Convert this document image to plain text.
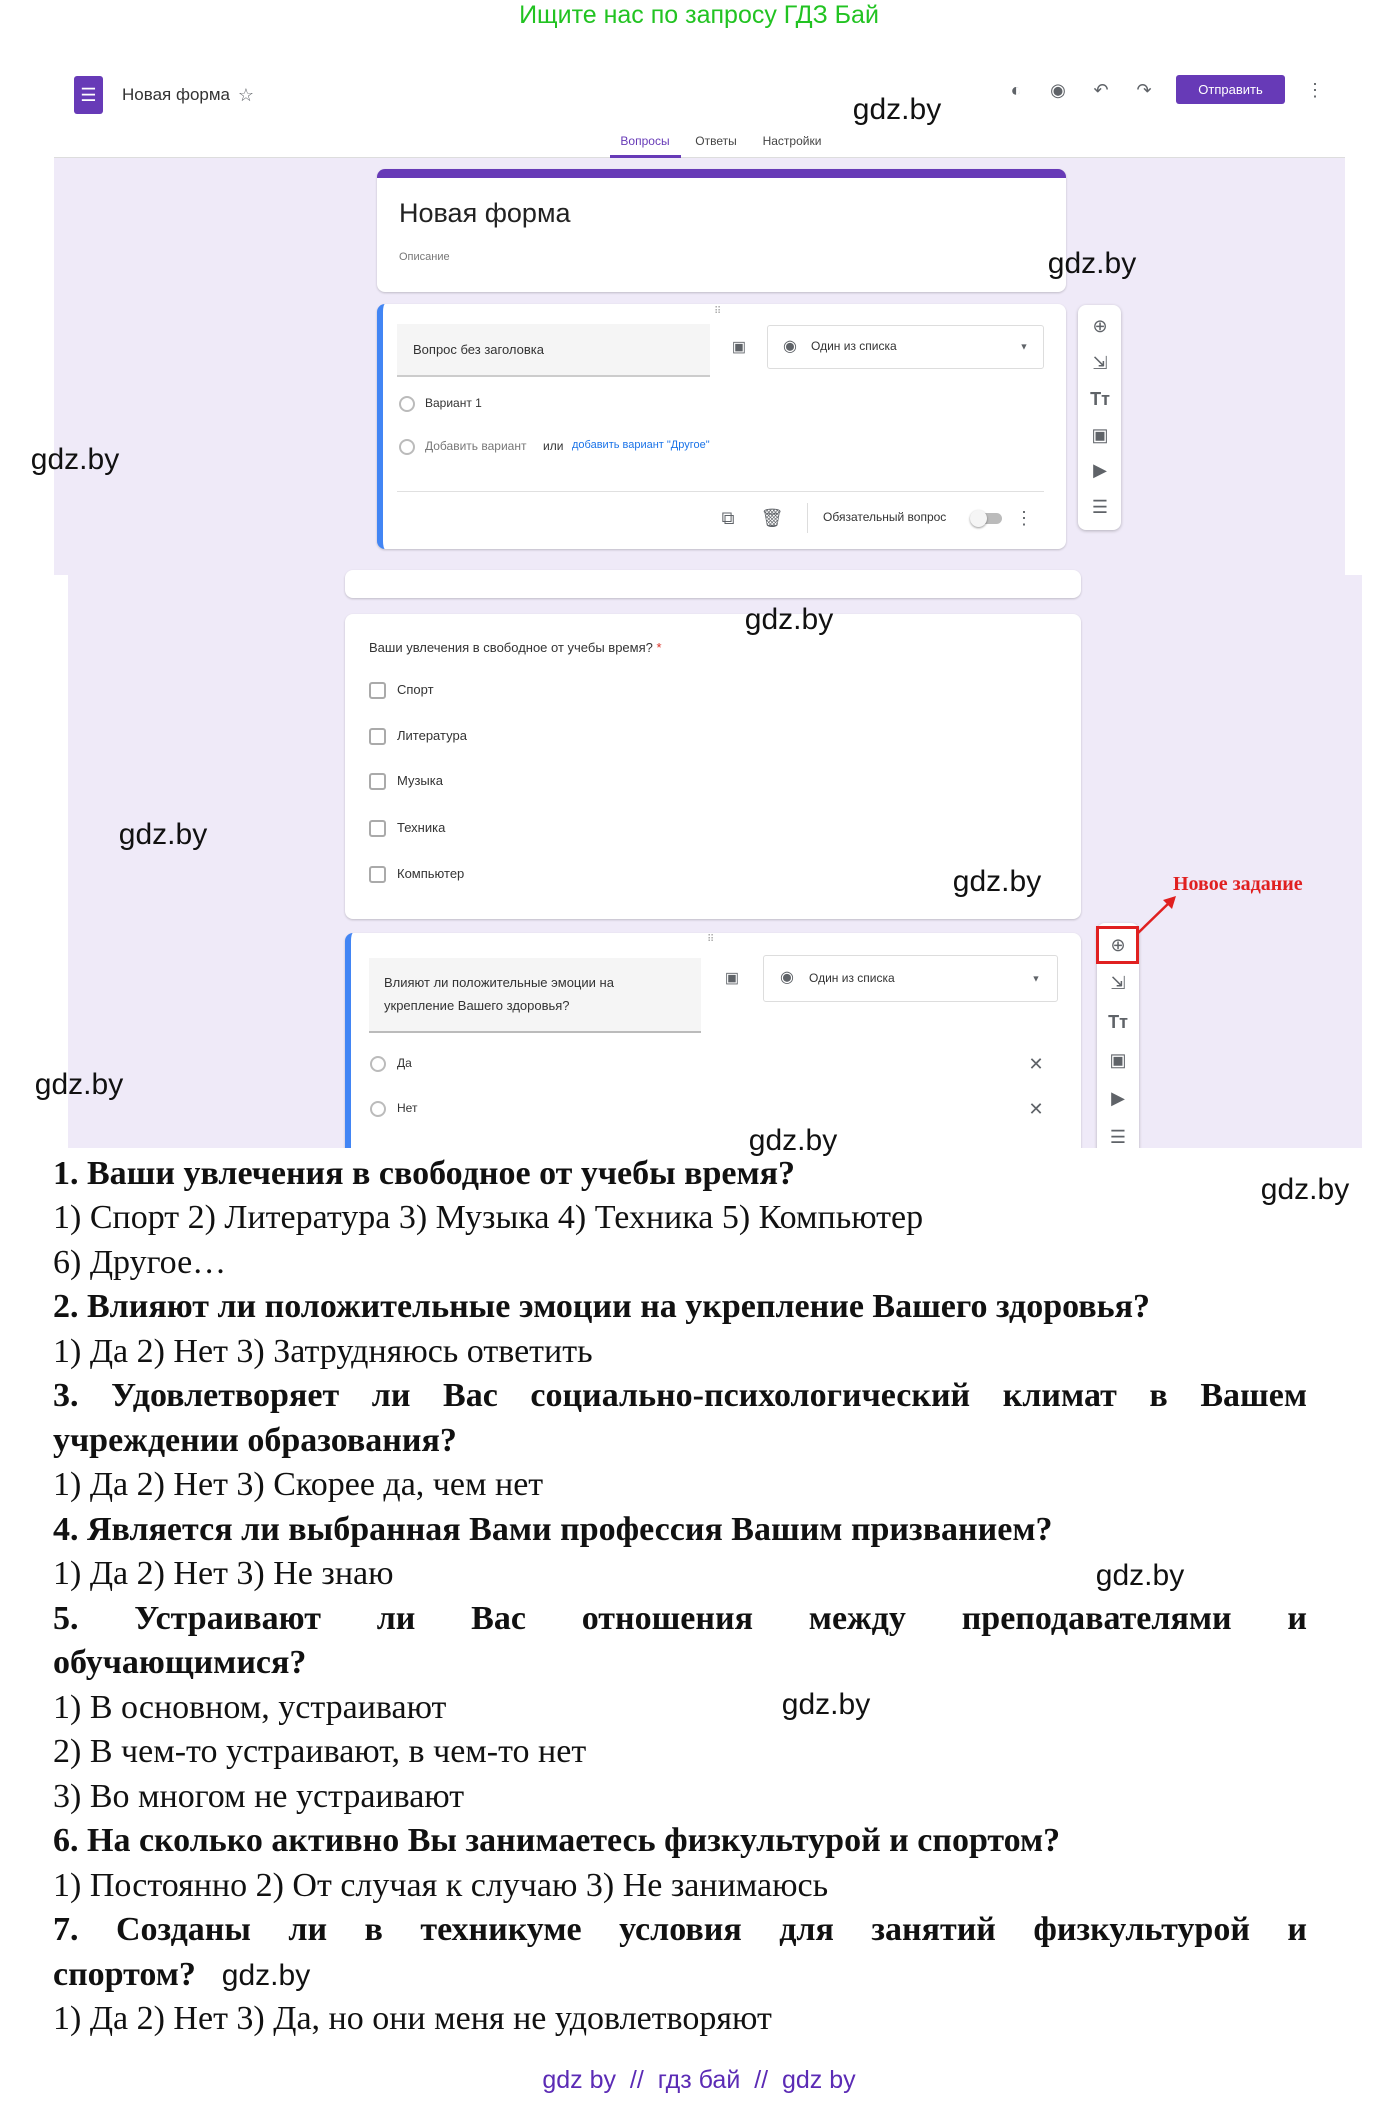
Ищите нас по запросу ГДЗ Бай
☰	Новая форма ☆	◐ ◉ ↶ ↷	Отправить	⋮
Вопросы Ответы Настройки
Новая форма
Описание
⠿
Вопрос без заголовка	▣ ◉ Один из списка	▼
Вариант 1
Добавить вариант или добавить вариант "Другое"
⧉ 🗑	Обязательный вопрос	⋮
⊕
⇲
Tт
▣
▶
☰
Ваши увлечения в свободное от учебы время? *
Спорт
Литература
Музыка
Техника
Компьютер
⠿
Влияют ли положительные эмоции на
укрепление Вашего здоровья?
▣	◉ Один из списка	▼
Да	✕
Нет	✕
⊕
⇲
Tт
▣
▶
☰
Новое задание
1. Ваши увлечения в свободное от учебы время?
1) Спорт 2) Литература 3) Музыка 4) Техника 5) Компьютер
6) Другое…
2. Влияют ли положительные эмоции на укрепление Вашего здоровья?
1) Да 2) Нет 3) Затрудняюсь ответить
3. Удовлетворяет ли Вас социально-психологический климат в Вашем
учреждении образования?
1) Да 2) Нет 3) Скорее да, чем нет
4. Является ли выбранная Вами профессия Вашим призванием?
1) Да 2) Нет 3) Не знаю
5. Устраивают ли Вас отношения между преподавателями и
обучающимися?
1) В основном, устраивают
2) В чем-то устраивают, в чем-то нет
3) Во многом не устраивают
6. На сколько активно Вы занимаетесь физкультурой и спортом?
1) Постоянно 2) От случая к случаю 3) Не занимаюсь
7. Созданы ли в техникуме условия для занятий физкультурой и
спортом?
1) Да 2) Нет 3) Да, но они меня не удовлетворяют
gdz.by
gdz.by
gdz.by
gdz.by
gdz.by
gdz.by
gdz.by
gdz.by
gdz.by
gdz.by
gdz.by
gdz.by
gdz by  //  гдз бай  //  gdz by
